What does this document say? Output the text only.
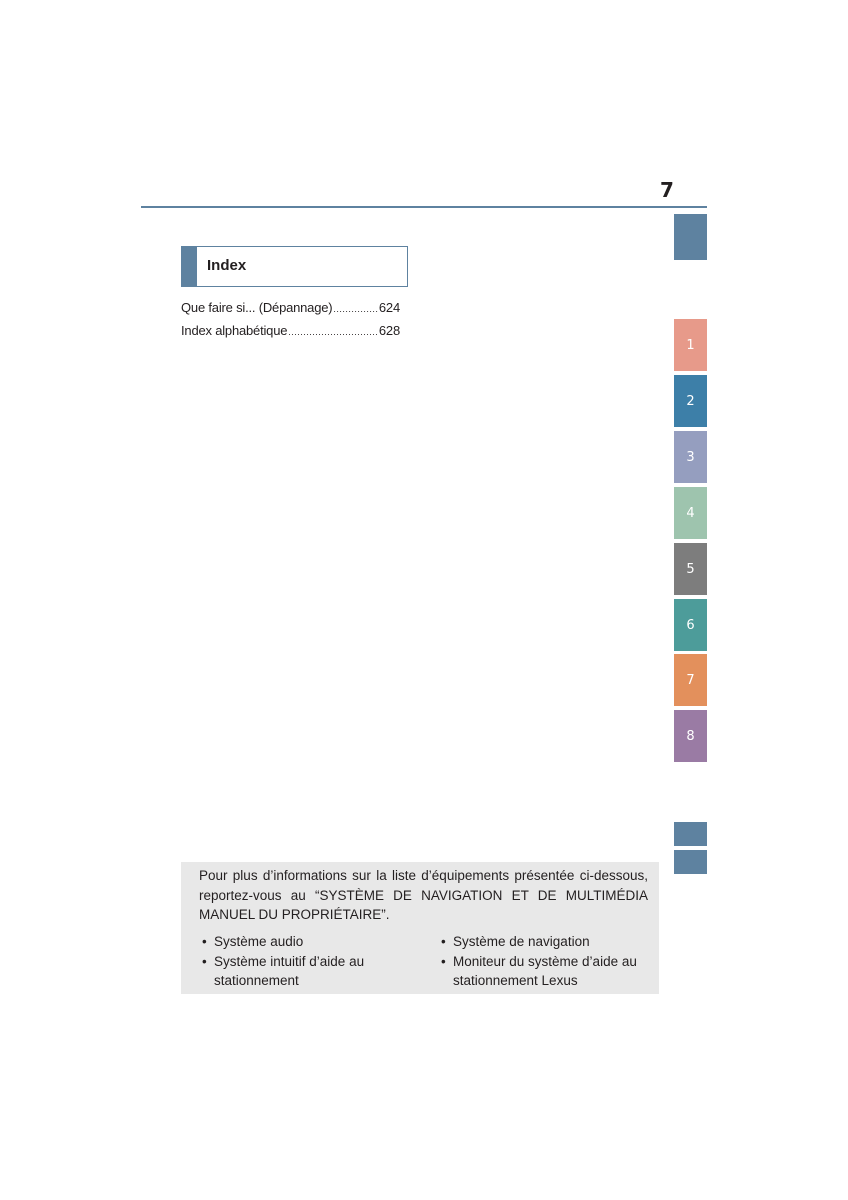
7
1
2
3
4
5
6
7
8
Index
Que faire si... (Dépannage) .....	624
Index alphabétique .....	628
Pour plus d’informations sur la liste d’équipements présentée ci-dessous, reportez-vous au “SYSTÈME DE NAVIGATION ET DE MULTIMÉDIA MANUEL DU PROPRIÉTAIRE”.
• Système audio
• Système intuitif d’aide au stationnement
• Système de navigation
• Moniteur du système d’aide au stationnement Lexus
